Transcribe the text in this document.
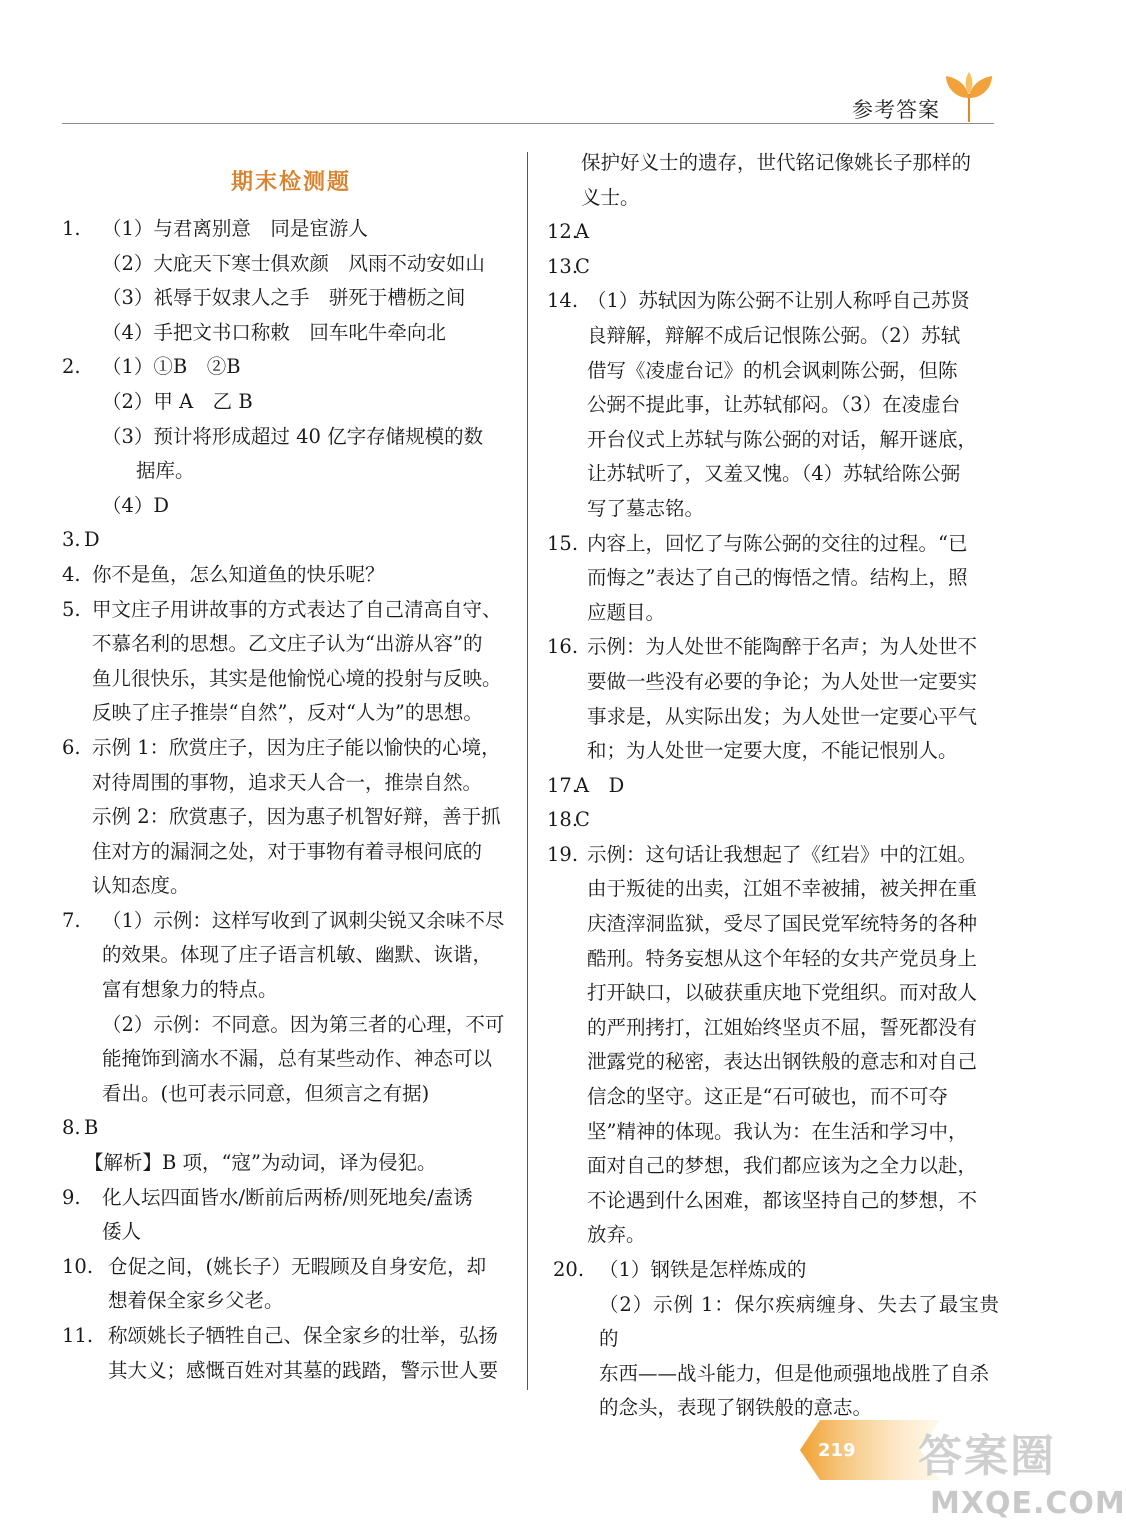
参考答案
期末检测题
1. （1）与君离别意　同是宦游人
（2）大庇天下寒士俱欢颜　风雨不动安如山
（3）祇辱于奴隶人之手　骈死于槽枥之间
（4）手把文书口称敕　回车叱牛牵向北
2. （1）①B　②B
（2）甲 A　乙 B
（3）预计将形成超过 40 亿字存储规模的数
据库。
（4）D
3. D
4. 你不是鱼，怎么知道鱼的快乐呢？
5. 甲文庄子用讲故事的方式表达了自己清高自守、
不慕名利的思想。乙文庄子认为“出游从容”的
鱼儿很快乐，其实是他愉悦心境的投射与反映。
反映了庄子推崇“自然”，反对“人为”的思想。
6. 示例 1：欣赏庄子，因为庄子能以愉快的心境，
对待周围的事物，追求天人合一，推崇自然。
示例 2：欣赏惠子，因为惠子机智好辩，善于抓
住对方的漏洞之处，对于事物有着寻根问底的
认知态度。
7. （1）示例：这样写收到了讽刺尖锐又余味不尽
的效果。体现了庄子语言机敏、幽默、诙谐，
富有想象力的特点。
（2）示例：不同意。因为第三者的心理，不可
能掩饰到滴水不漏，总有某些动作、神态可以
看出。(也可表示同意，但须言之有据)
8. B
【解析】B 项，“寇”为动词，译为侵犯。
9. 化人坛四面皆水/断前后两桥/则死地矣/盍诱
倭人
10. 仓促之间，(姚长子）无暇顾及自身安危，却
想着保全家乡父老。
11. 称颂姚长子牺牲自己、保全家乡的壮举，弘扬
其大义；感慨百姓对其墓的践踏，警示世人要
保护好义士的遗存，世代铭记像姚长子那样的
义士。
12.
A
13.
C
14. （1）苏轼因为陈公弼不让别人称呼自己苏贤
良辩解，辩解不成后记恨陈公弼。（2）苏轼
借写《凌虚台记》的机会讽刺陈公弼，但陈
公弼不提此事，让苏轼郁闷。（3）在凌虚台
开台仪式上苏轼与陈公弼的对话，解开谜底，
让苏轼听了，又羞又愧。（4）苏轼给陈公弼
写了墓志铭。
15. 内容上，回忆了与陈公弼的交往的过程。“已
而悔之”表达了自己的悔悟之情。结构上，照
应题目。
16. 示例：为人处世不能陶醉于名声；为人处世不
要做一些没有必要的争论；为人处世一定要实
事求是，从实际出发；为人处世一定要心平气
和；为人处世一定要大度，不能记恨别人。
17.
A　D
18.
C
19. 示例：这句话让我想起了《红岩》中的江姐。
由于叛徒的出卖，江姐不幸被捕，被关押在重
庆渣滓洞监狱，受尽了国民党军统特务的各种
酷刑。特务妄想从这个年轻的女共产党员身上
打开缺口，以破获重庆地下党组织。而对敌人
的严刑拷打，江姐始终坚贞不屈，誓死都没有
泄露党的秘密，表达出钢铁般的意志和对自己
信念的坚守。这正是“石可破也，而不可夺
坚”精神的体现。我认为：在生活和学习中，
面对自己的梦想，我们都应该为之全力以赴，
不论遇到什么困难，都该坚持自己的梦想，不
放弃。
20. （1）钢铁是怎样炼成的
（2）示例 1：保尔疾病缠身、失去了最宝贵的
东西——战斗能力，但是他顽强地战胜了自杀
的念头，表现了钢铁般的意志。
219 答案圈
MXQE.COM
